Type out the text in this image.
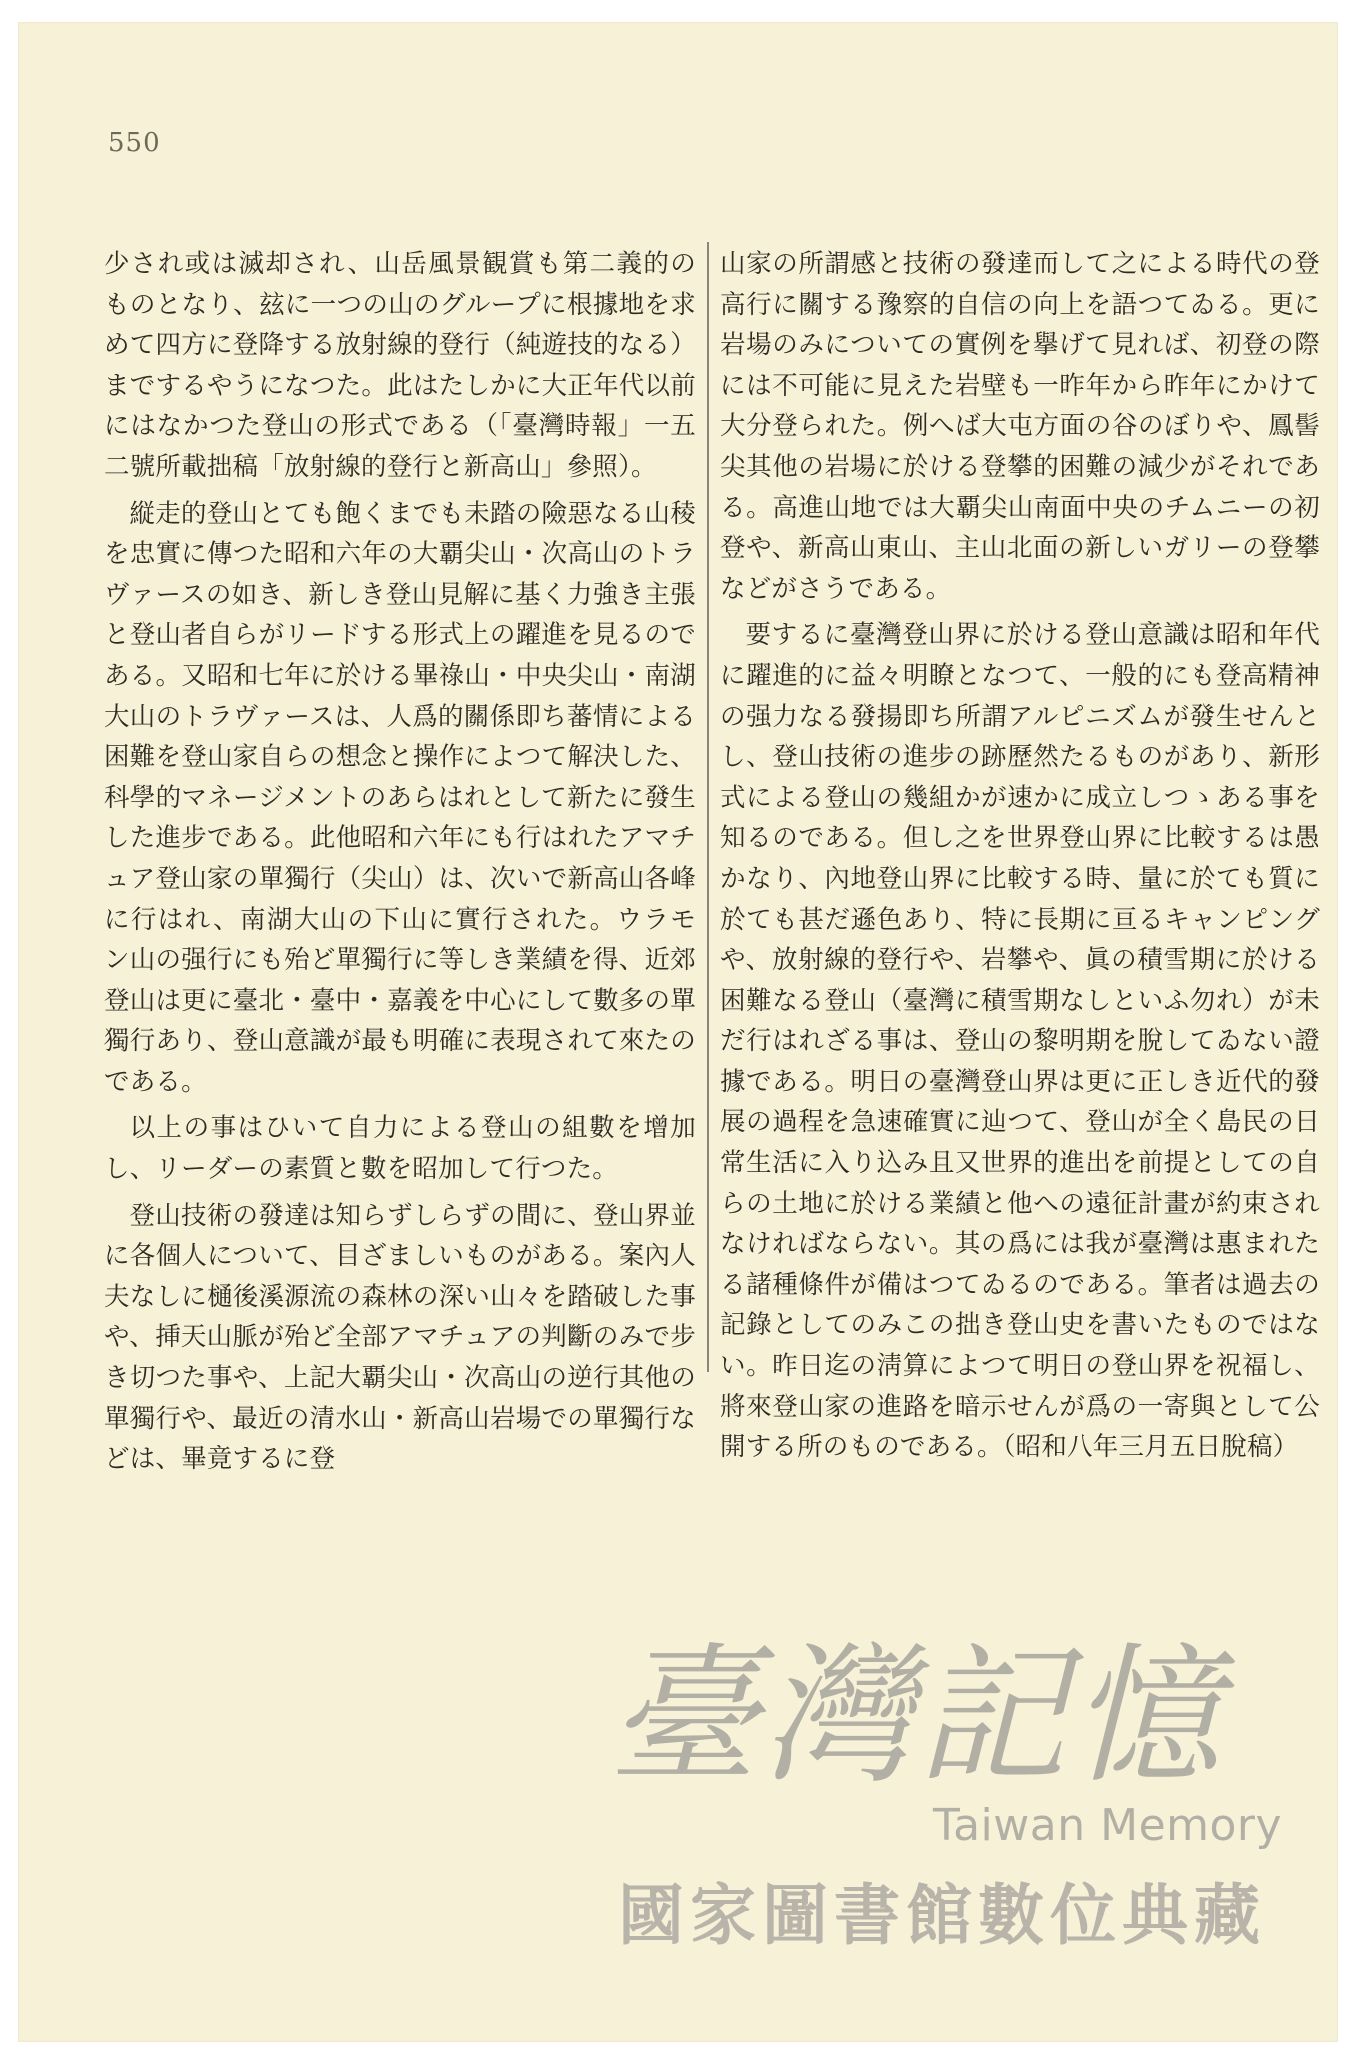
550

少され或は滅却され、山岳風景観賞も第二義的のものとなり、玆に一つの山のグループに根據地を求めて四方に登降する放射線的登行（純遊技的なる）までするやうになつた。此はたしかに大正年代以前にはなかつた登山の形式である（「臺灣時報」一五二號所載拙稿「放射線的登行と新高山」參照）。

縦走的登山とても飽くまでも未踏の險惡なる山稜を忠實に傳つた昭和六年の大覇尖山・次高山のトラヴァースの如き、新しき登山見解に基く力強き主張と登山者自らがリードする形式上の躍進を見るのである。又昭和七年に於ける畢祿山・中央尖山・南湖大山のトラヴァースは、人爲的關係即ち蕃情による困難を登山家自らの想念と操作によつて解決した、科學的マネージメントのあらはれとして新たに發生した進步である。此他昭和六年にも行はれたアマチュア登山家の單獨行（尖山）は、次いで新高山各峰に行はれ、南湖大山の下山に實行された。ウラモン山の强行にも殆ど單獨行に等しき業績を得、近郊登山は更に臺北・臺中・嘉義を中心にして數多の單獨行あり、登山意識が最も明確に表現されて來たのである。

以上の事はひいて自力による登山の組數を增加し、リーダーの素質と數を昭加して行つた。

登山技術の發達は知らずしらずの間に、登山界並に各個人について、目ざましいものがある。案內人夫なしに樋後溪源流の森林の深い山々を踏破した事や、挿天山脈が殆ど全部アマチュアの判斷のみで步き切つた事や、上記大覇尖山・次高山の逆行其他の單獨行や、最近の清水山・新高山岩場での單獨行などは、畢竟するに登

山家の所謂感と技術の發達而して之による時代の登高行に關する豫察的自信の向上を語つてゐる。更に岩場のみについての實例を擧げて見れば、初登の際には不可能に見えた岩壁も一昨年から昨年にかけて大分登られた。例へば大屯方面の谷のぼりや、鳳髻尖其他の岩場に於ける登攀的困難の減少がそれである。高進山地では大覇尖山南面中央のチムニーの初登や、新高山東山、主山北面の新しいガリーの登攀などがさうである。

要するに臺灣登山界に於ける登山意識は昭和年代に躍進的に益々明瞭となつて、一般的にも登高精神の强力なる發揚即ち所謂アルピニズムが發生せんとし、登山技術の進步の跡歷然たるものがあり、新形式による登山の幾組かが速かに成立しつゝある事を知るのである。但し之を世界登山界に比較するは愚かなり、內地登山界に比較する時、量に於ても質に於ても甚だ遜色あり、特に長期に亘るキャンピングや、放射線的登行や、岩攀や、眞の積雪期に於ける困難なる登山（臺灣に積雪期なしといふ勿れ）が未だ行はれざる事は、登山の黎明期を脫してゐない證據である。明日の臺灣登山界は更に正しき近代的發展の過程を急速確實に辿つて、登山が全く島民の日常生活に入り込み且又世界的進出を前提としての自らの土地に於ける業績と他への遠征計畫が約束されなければならない。其の爲には我が臺灣は惠まれたる諸種條件が備はつてゐるのである。筆者は過去の記錄としてのみこの拙き登山史を書いたものではない。昨日迄の淸算によつて明日の登山界を祝福し、將來登山家の進路を暗示せんが爲の一寄與として公開する所のものである。（昭和八年三月五日脫稿）

臺灣記憶
Taiwan Memory
國家圖書館數位典藏
